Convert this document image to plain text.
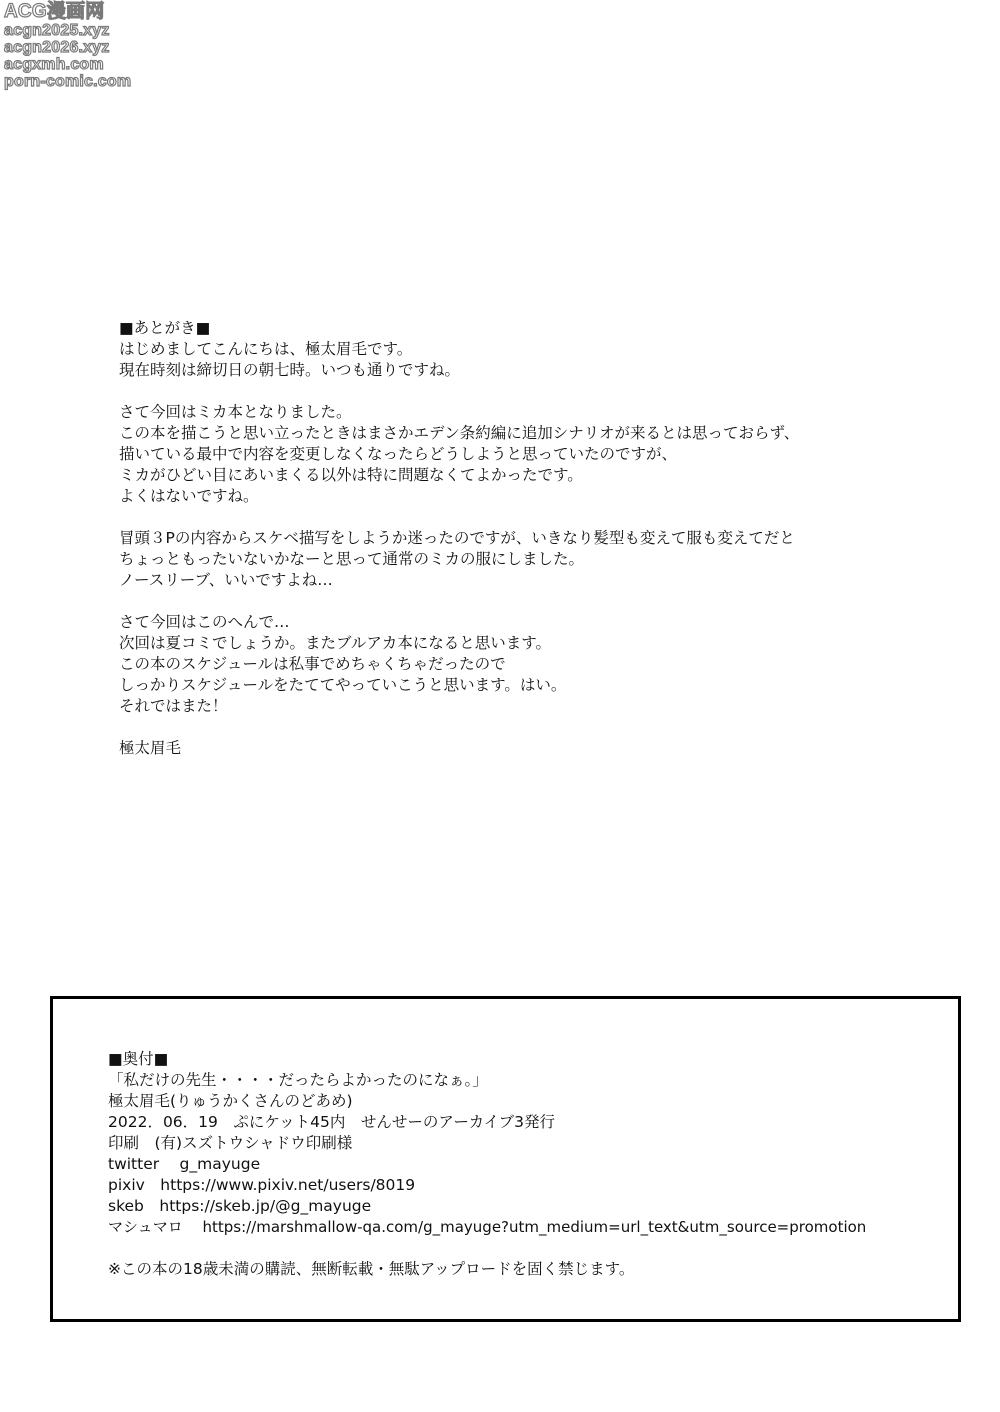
ACG漫画网
acgn2025.xyz
acgn2026.xyz
acgxmh.com
porn-comic.com
■あとがき■
はじめましてこんにちは、極太眉毛です。
現在時刻は締切日の朝七時。いつも通りですね。
さて今回はミカ本となりました。
この本を描こうと思い立ったときはまさかエデン条約編に追加シナリオが来るとは思っておらず、
描いている最中で内容を変更しなくなったらどうしようと思っていたのですが、
ミカがひどい目にあいまくる以外は特に問題なくてよかったです。
よくはないですね。
冒頭３Pの内容からスケベ描写をしようか迷ったのですが、いきなり髪型も変えて服も変えてだと
ちょっともったいないかなーと思って通常のミカの服にしました。
ノースリーブ、いいですよね…
さて今回はこのへんで…
次回は夏コミでしょうか。またブルアカ本になると思います。
この本のスケジュールは私事でめちゃくちゃだったので
しっかりスケジュールをたててやっていこうと思います。はい。
それではまた！
極太眉毛
■奥付■
「私だけの先生・・・・だったらよかったのになぁ。」
極太眉毛(りゅうかくさんのどあめ)
2022．06．19　ぷにケット45内　せんせーのアーカイブ3発行
印刷　(有)スズトウシャドウ印刷様
twitter　 g_mayuge
pixiv　https://www.pixiv.net/users/8019
skeb　https://skeb.jp/@g_mayuge
マシュマロ　 https://marshmallow-qa.com/g_mayuge?utm_medium=url_text&utm_source=promotion
※この本の18歳未満の購読、無断転載・無駄アップロードを固く禁じます。
